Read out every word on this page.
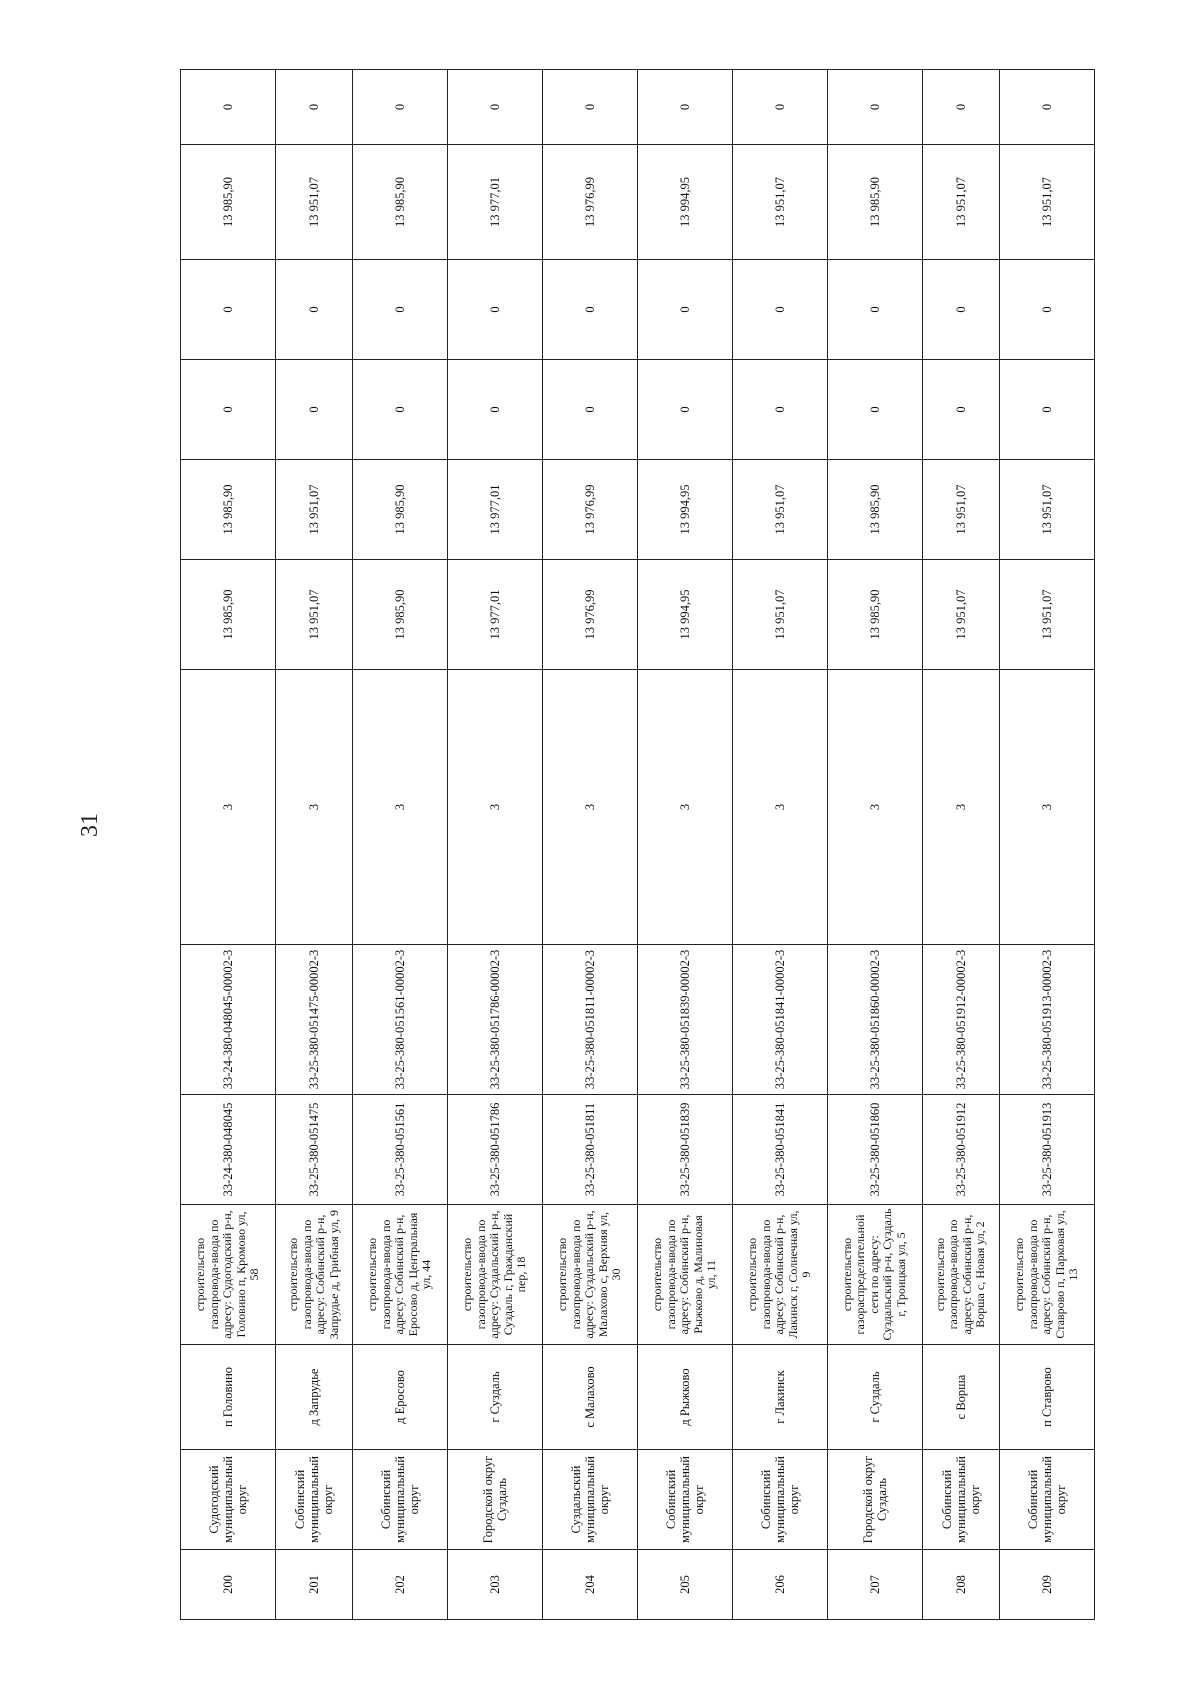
31
200	Судогодский муниципальный округ	п Головино	строительство газопровода-ввода по адресу: Судогодский р-н, Головино п, Кромово ул, 58	33-24-380-048045	33-24-380-048045-00002-3	3	13 985,90	13 985,90	0	0	13 985,90	0
201	Собинский муниципальный округ	д Запрудье	строительство газопровода-ввода по адресу: Собинский р-н, Запрудье д, Грибная ул, 9	33-25-380-051475	33-25-380-051475-00002-3	3	13 951,07	13 951,07	0	0	13 951,07	0
202	Собинский муниципальный округ	д Еросово	строительство газопровода-ввода по адресу: Собинский р-н, Еросово д, Центральная ул, 44	33-25-380-051561	33-25-380-051561-00002-3	3	13 985,90	13 985,90	0	0	13 985,90	0
203	Городской округ Суздаль	г Суздаль	строительство газопровода-ввода по адресу: Суздальский р-н, Суздаль г, Гражданский пер, 18	33-25-380-051786	33-25-380-051786-00002-3	3	13 977,01	13 977,01	0	0	13 977,01	0
204	Суздальский муниципальный округ	с Малахово	строительство газопровода-ввода по адресу: Суздальский р-н, Малахово с, Верхняя ул, 30	33-25-380-051811	33-25-380-051811-00002-3	3	13 976,99	13 976,99	0	0	13 976,99	0
205	Собинский муниципальный округ	д Рыжково	строительство газопровода-ввода по адресу: Собинский р-н, Рыжково д, Малиновая ул, 11	33-25-380-051839	33-25-380-051839-00002-3	3	13 994,95	13 994,95	0	0	13 994,95	0
206	Собинский муниципальный округ	г Лакинск	строительство газопровода-ввода по адресу: Собинский р-н, Лакинск г, Солнечная ул, 9	33-25-380-051841	33-25-380-051841-00002-3	3	13 951,07	13 951,07	0	0	13 951,07	0
207	Городской округ Суздаль	г Суздаль	строительство газораспределительной сети по адресу: Суздальский р-н, Суздаль г, Троицкая ул, 5	33-25-380-051860	33-25-380-051860-00002-3	3	13 985,90	13 985,90	0	0	13 985,90	0
208	Собинский муниципальный округ	с Ворша	строительство газопровода-ввода по адресу: Собинский р-н, Ворша с, Новая ул, 2	33-25-380-051912	33-25-380-051912-00002-3	3	13 951,07	13 951,07	0	0	13 951,07	0
209	Собинский муниципальный округ	п Ставрово	строительство газопровода-ввода по адресу: Собинский р-н, Ставрово п, Парковая ул, 13	33-25-380-051913	33-25-380-051913-00002-3	3	13 951,07	13 951,07	0	0	13 951,07	0
